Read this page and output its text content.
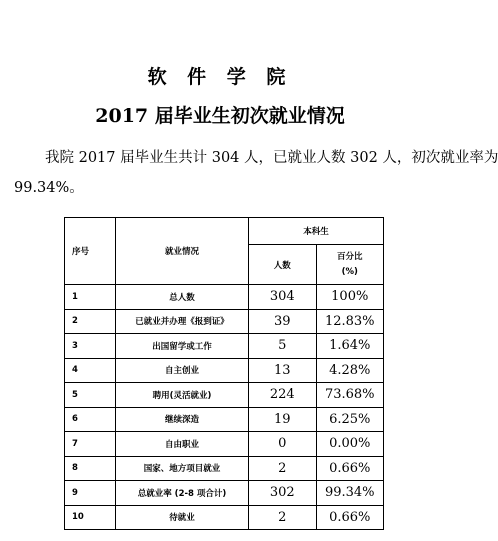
软 件 学 院
2017 届毕业生初次就业情况
我院 2017 届毕业生共计 304 人，已就业人数 302 人，初次就业率为
99.34%。
序号	就业情况	本科生	
		人数	百分比
(%)

1	总人数	304	100%
2	已就业并办理《报到证》	39	12.83%
3	出国留学或工作	5	1.64%
4	自主创业	13	4.28%
5	聘用(灵活就业)	224	73.68%
6	继续深造	19	6.25%
7	自由职业	0	0.00%
8	国家、地方项目就业	2	0.66%
9	总就业率 (2-8 项合计)	302	99.34%
10	待就业	2	0.66%
